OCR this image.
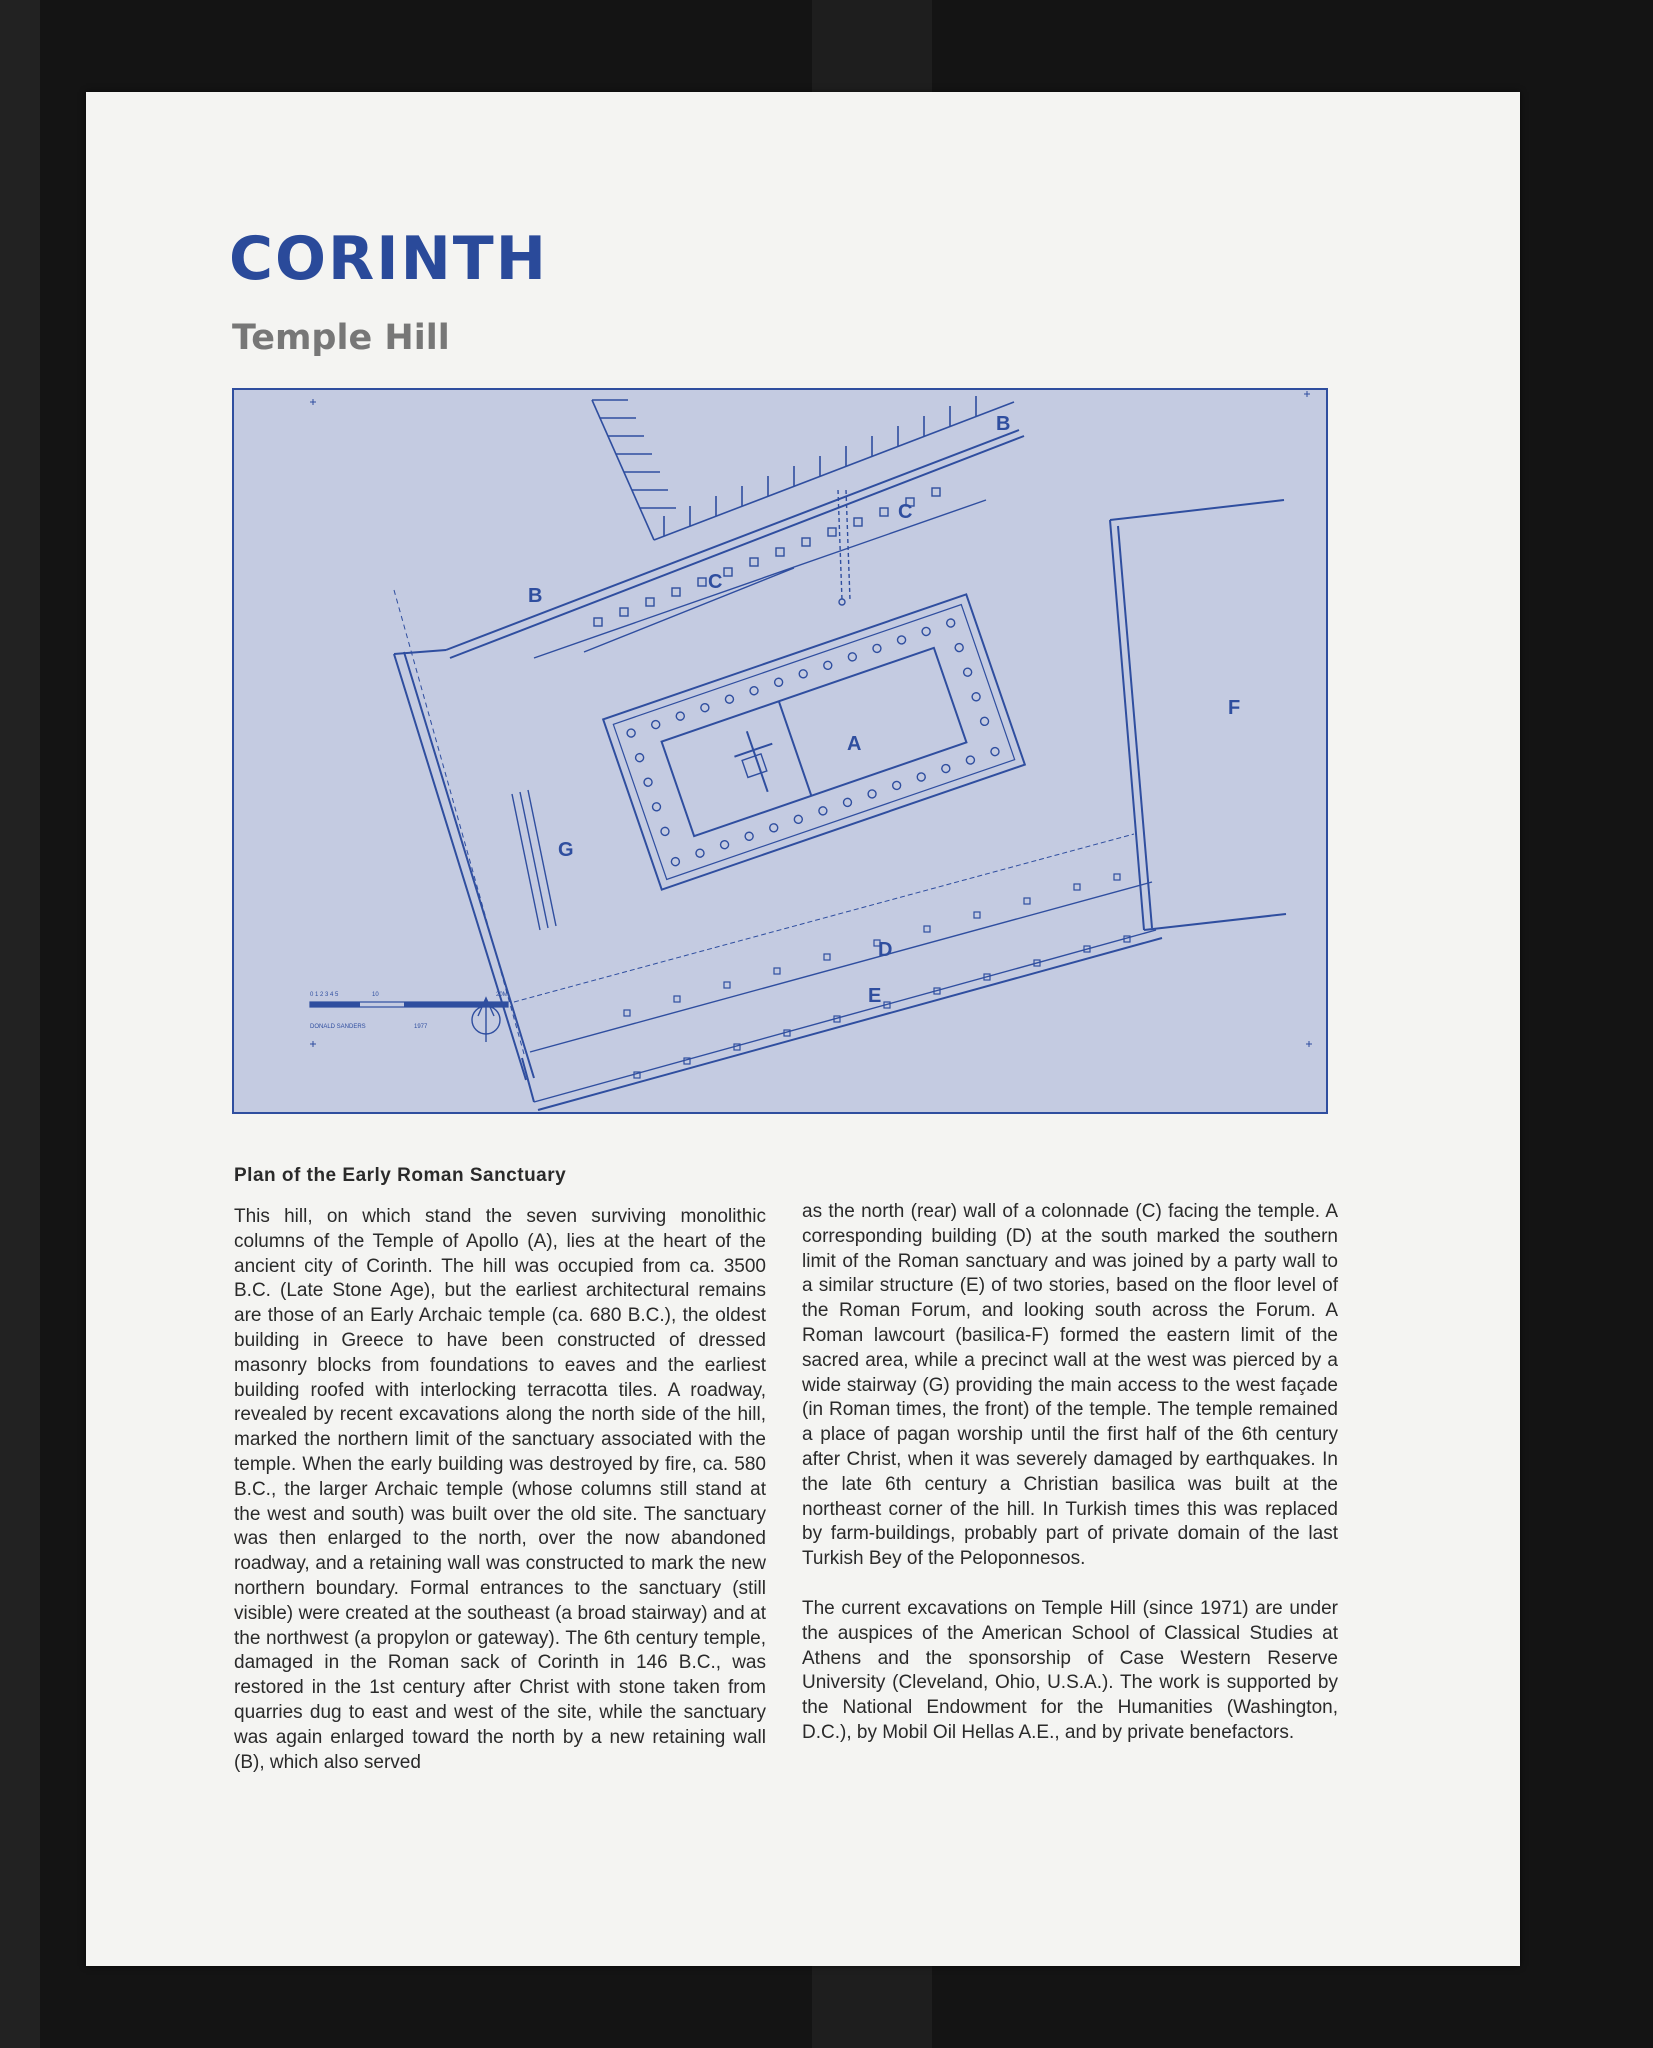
CORINTH
Temple Hill
A
B
B
C
C
D
E
F
G
0 1 2 3 4 5	10	20M
DONALD SANDERS	1977

Plan of the Early Roman Sanctuary

This hill, on which stand the seven surviving monolithic columns of the Temple of Apollo (A), lies at the heart of the ancient city of Corinth. The hill was occupied from ca. 3500 B.C. (Late Stone Age), but the earliest architectural remains are those of an Early Archaic temple (ca. 680 B.C.), the oldest building in Greece to have been constructed of dressed masonry blocks from foundations to eaves and the earliest building roofed with interlocking terracotta tiles. A roadway, revealed by recent excavations along the north side of the hill, marked the northern limit of the sanctuary associated with the temple. When the early building was destroyed by fire, ca. 580 B.C., the larger Archaic temple (whose columns still stand at the west and south) was built over the old site. The sanctuary was then enlarged to the north, over the now abandoned roadway, and a retaining wall was constructed to mark the new northern boundary. Formal entrances to the sanctuary (still visible) were created at the southeast (a broad stairway) and at the northwest (a propylon or gateway). The 6th century temple, damaged in the Roman sack of Corinth in 146 B.C., was restored in the 1st century after Christ with stone taken from quarries dug to east and west of the site, while the sanctuary was again enlarged toward the north by a new retaining wall (B), which also served

as the north (rear) wall of a colonnade (C) facing the temple. A corresponding building (D) at the south marked the southern limit of the Roman sanctuary and was joined by a party wall to a similar structure (E) of two stories, based on the floor level of the Roman Forum, and looking south across the Forum. A Roman lawcourt (basilica-F) formed the eastern limit of the sacred area, while a precinct wall at the west was pierced by a wide stairway (G) providing the main access to the west façade (in Roman times, the front) of the temple. The temple remained a place of pagan worship until the first half of the 6th century after Christ, when it was severely damaged by earthquakes. In the late 6th century a Christian basilica was built at the northeast corner of the hill. In Turkish times this was replaced by farm-buildings, probably part of private domain of the last Turkish Bey of the Peloponnesos.

The current excavations on Temple Hill (since 1971) are under the auspices of the American School of Classical Studies at Athens and the sponsorship of Case Western Reserve University (Cleveland, Ohio, U.S.A.). The work is supported by the National Endowment for the Humanities (Washington, D.C.), by Mobil Oil Hellas A.E., and by private benefactors.
